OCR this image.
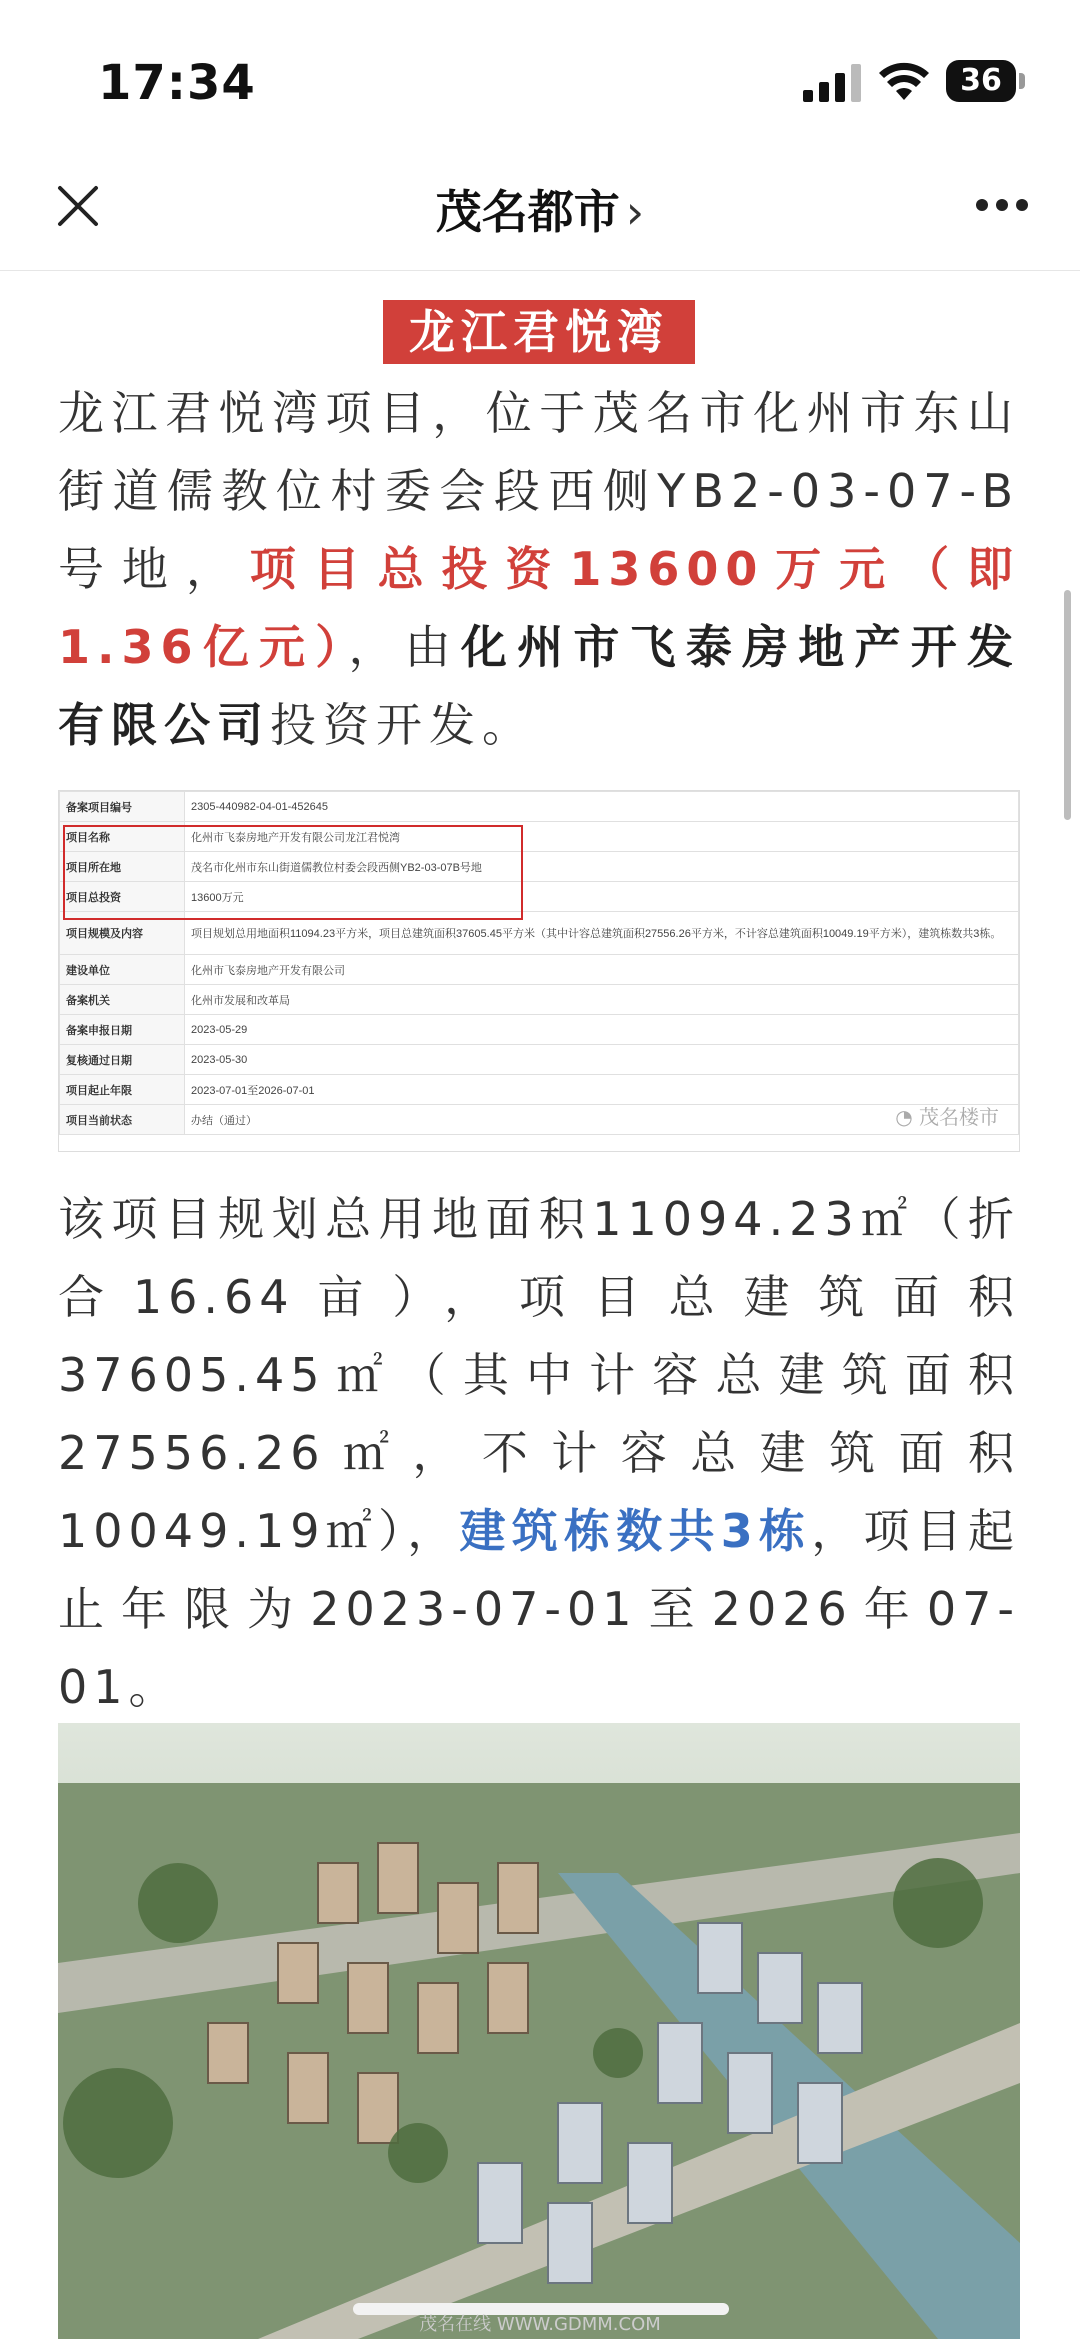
17:34	36
茂名都市 ›
龙江君悦湾
龙江君悦湾项目，位于茂名市化州市东山街道儒教位村委会段西侧YB2-03-07-B号地，项目总投资13600万元（即1.36亿元），由化州市飞泰房地产开发有限公司投资开发。
备案项目编号	2305-440982-04-01-452645
项目名称	化州市飞泰房地产开发有限公司龙江君悦湾
项目所在地	茂名市化州市东山街道儒教位村委会段西侧YB2-03-07B号地
项目总投资	13600万元
项目规模及内容	项目规划总用地面积11094.23平方米，项目总建筑面积37605.45平方米（其中计容总建筑面积27556.26平方米，不计容总建筑面积10049.19平方米），建筑栋数共3栋。
建设单位	化州市飞泰房地产开发有限公司
备案机关	化州市发展和改革局
备案申报日期	2023-05-29
复核通过日期	2023-05-30
项目起止年限	2023-07-01至2026-07-01
项目当前状态	办结（通过）	◔ 茂名楼市
该项目规划总用地面积11094.23㎡（折合16.64亩），项目总建筑面积37605.45㎡（其中计容总建筑面积27556.26㎡，不计容总建筑面积10049.19㎡），建筑栋数共3栋，项目起止年限为2023-07-01至2026年07-01。
茂名在线 WWW.GDMM.COM
